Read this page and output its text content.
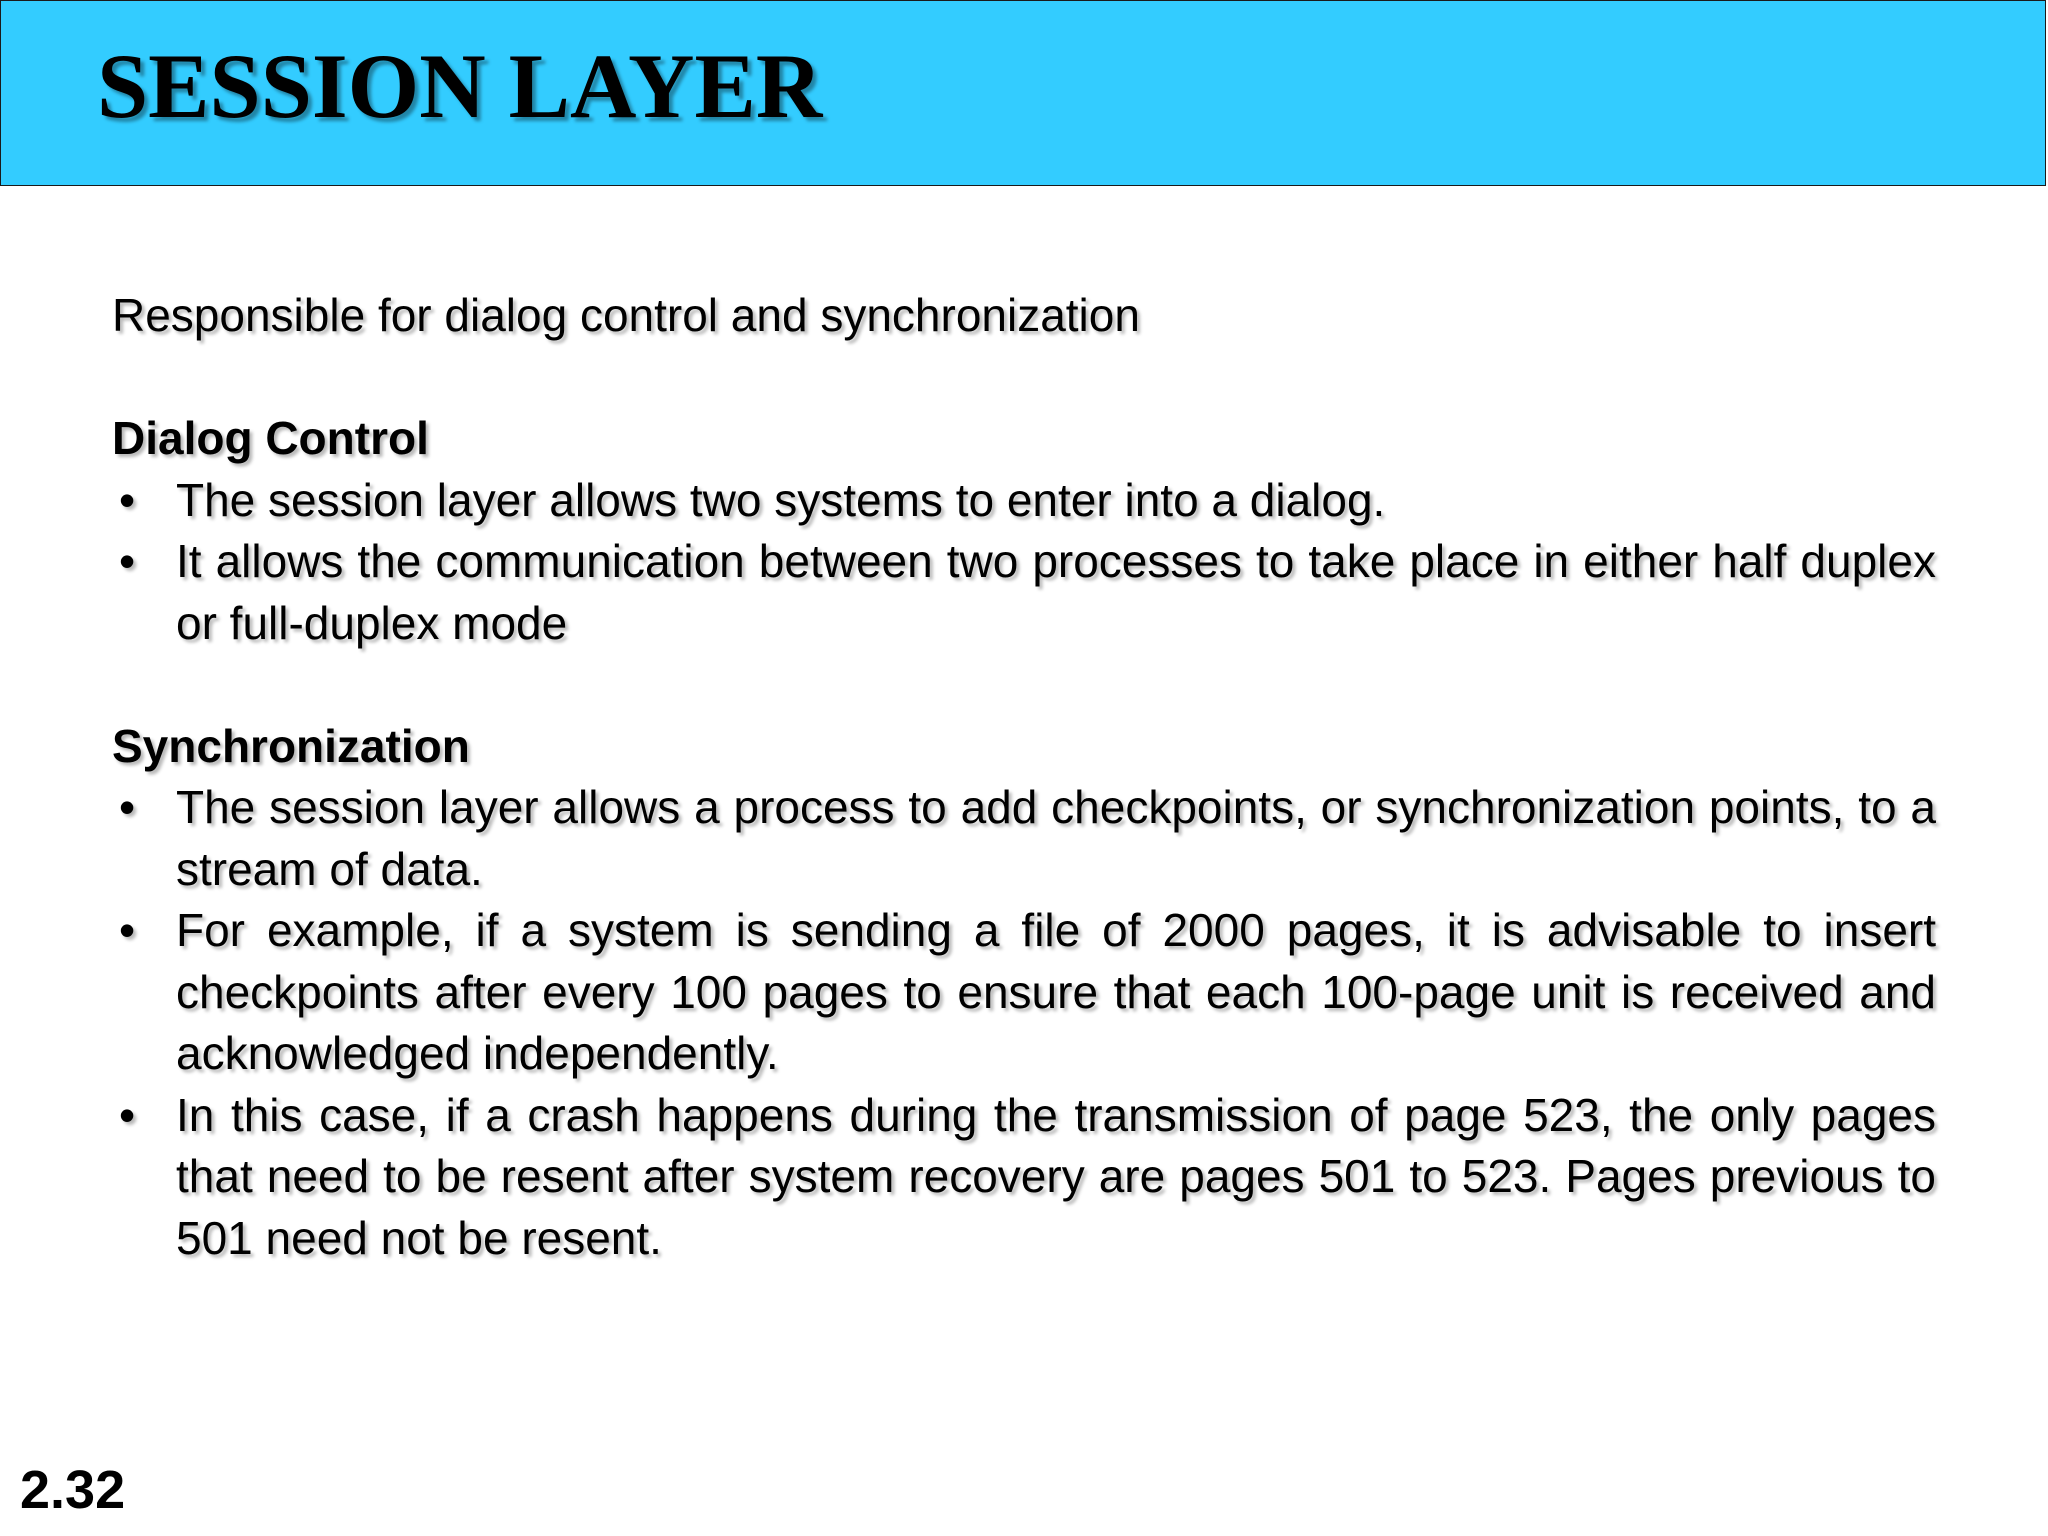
SESSION LAYER

Responsible for dialog control and synchronization

Dialog Control

• The session layer allows two systems to enter into a dialog.
• It allows the communication between two processes to take place in either half duplex or full-duplex mode

Synchronization

• The session layer allows a process to add checkpoints, or synchronization points, to a stream of data.
• For example, if a system is sending a file of 2000 pages, it is advisable to insert checkpoints after every 100 pages to ensure that each 100-page unit is received and acknowledged independently.
• In this case, if a crash happens during the transmission of page 523, the only pages that need to be resent after system recovery are pages 501 to 523. Pages previous to 501 need not be resent.
2.32
